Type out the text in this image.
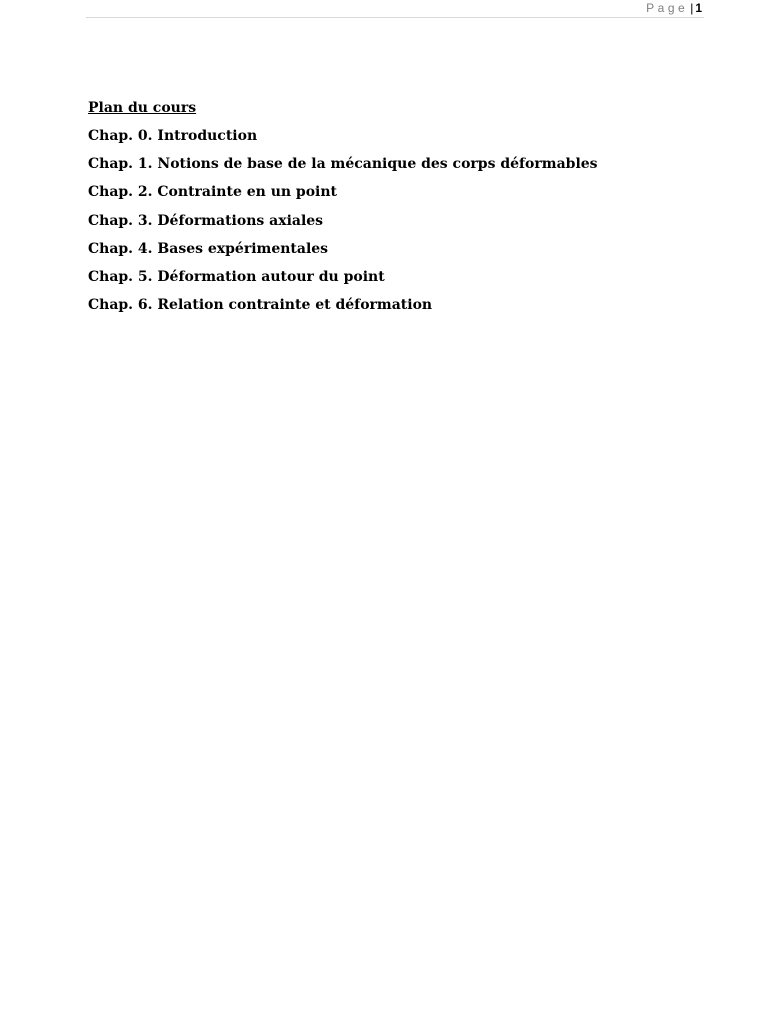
Page | 1
Plan du cours
Chap. 0. Introduction
Chap. 1. Notions de base de la mécanique des corps déformables
Chap. 2. Contrainte en un point
Chap. 3. Déformations axiales
Chap. 4. Bases expérimentales
Chap. 5. Déformation autour du point
Chap. 6. Relation contrainte et déformation
